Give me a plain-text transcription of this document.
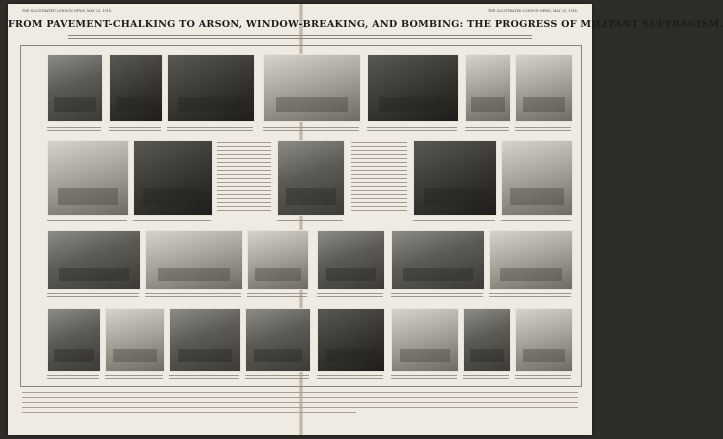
THE ILLUSTRATED LONDON NEWS, MAY 23, 1914.	THE ILLUSTRATED LONDON NEWS, MAY 23, 1914.
FROM PAVEMENT-CHALKING TO ARSON, WINDOW-BREAKING, AND BOMBING: THE PROGRESS OF MILITANT SUFFRAGISM.
